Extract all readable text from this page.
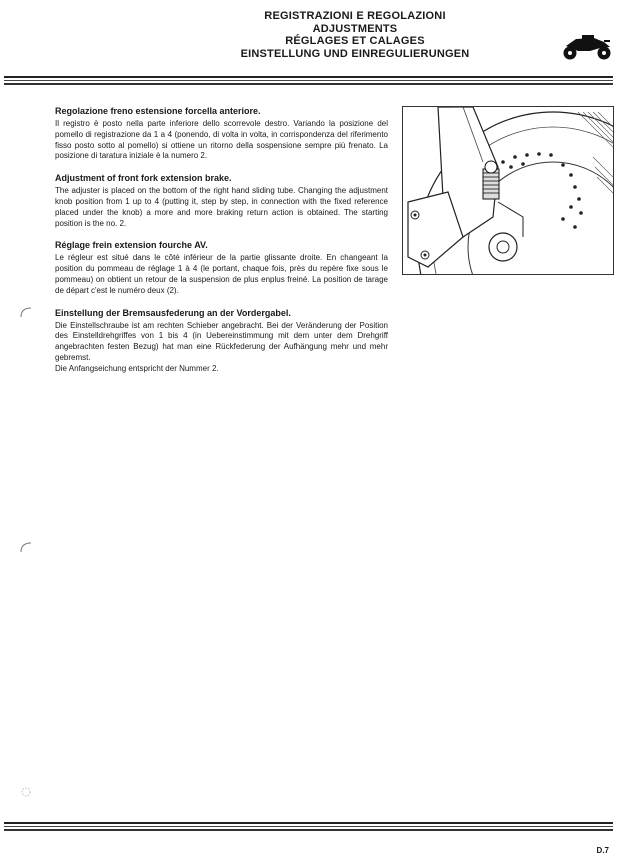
REGISTRAZIONI E REGOLAZIONI
ADJUSTMENTS
RÉGLAGES ET CALAGES
EINSTELLUNG UND EINREGULIERUNGEN
Regolazione freno estensione forcella anteriore.

Il registro è posto nella parte inferiore dello scorrevole destro. Variando la posizione del pomello di registrazione da 1 a 4 (ponendo, di volta in volta, in corrispondenza del riferimento fisso posto sotto al pomello) si ottiene un ritorno della sospensione sempre più frenato. La posizione di taratura iniziale è la numero 2.

Adjustment of front fork extension brake.

The adjuster is placed on the bottom of the right hand sliding tube. Changing the adjustment knob position from 1 up to 4 (putting it, step by step, in connection with the fixed reference placed under the knob) a more and more braking return action is obtained. The starting position is the no. 2.

Réglage frein extension fourche AV.

Le régleur est situé dans le côté inférieur de la partie glissante droite. En changeant la position du pommeau de réglage 1 à 4 (le portant, chaque fois, près du repère fixe sous le pommeau) on obtient un retour de la suspension de plus enplus freiné. La position de tarage de départ c'est le numéro deux (2).

Einstellung der Bremsausfederung an der Vordergabel.

Die Einstellschraube ist am rechten Schieber angebracht. Bei der Veränderung der Position des Einstelldrehgriffes von 1 bis 4 (in Uebereinstimmung mit dem unter dem Drehgriff angebrachten festen Bezug) hat man eine Rückfederung der Aufhängung mehr und mehr gebremst.
Die Anfangseichung entspricht der Nummer 2.

D.7
